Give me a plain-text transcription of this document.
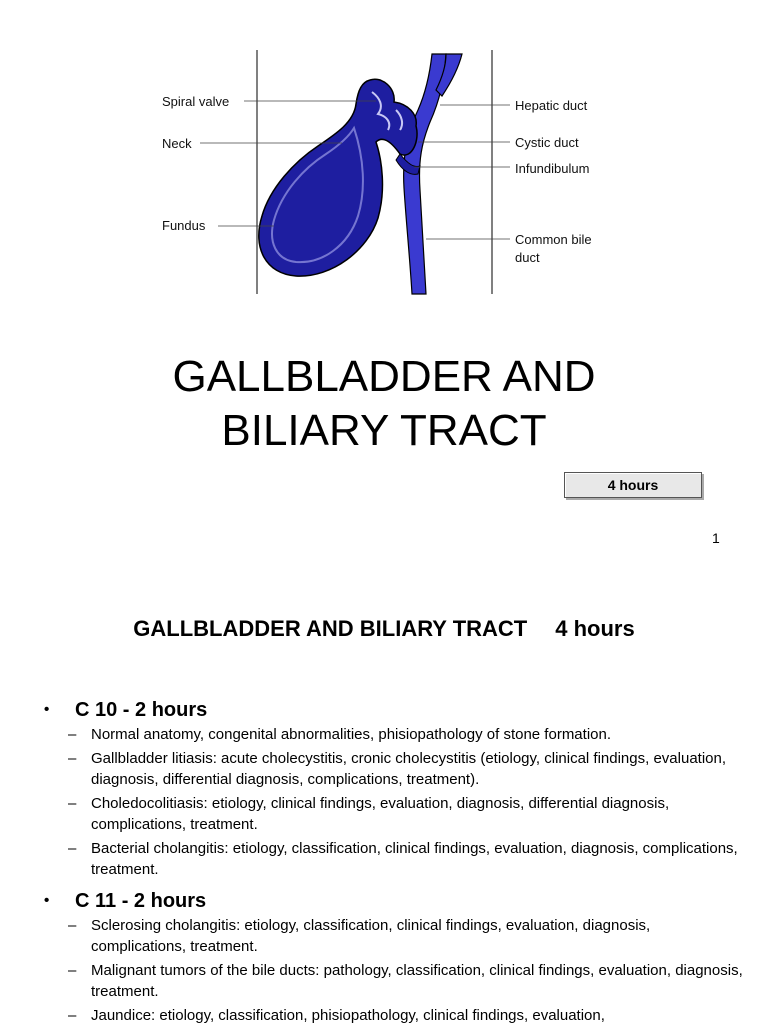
Spiral valve
Neck
Fundus
Hepatic duct
Cystic duct
Infundibulum
Common bile duct
GALLBLADDER AND
BILIARY TRACT
4 hours
1
GALLBLADDER AND BILIARY TRACT 4 hours
• C 10 - 2 hours
– Normal anatomy, congenital abnormalities, phisiopathology of stone formation.
– Gallbladder litiasis: acute cholecystitis, cronic cholecystitis (etiology, clinical findings, evaluation, diagnosis, differential diagnosis, complications, treatment).
– Choledocolitiasis: etiology, clinical findings, evaluation, diagnosis, differential diagnosis, complications, treatment.
– Bacterial cholangitis: etiology, classification, clinical findings, evaluation, diagnosis, complications, treatment.
• C 11 - 2 hours
– Sclerosing cholangitis: etiology, classification, clinical findings, evaluation, diagnosis, complications, treatment.
– Malignant tumors of the bile ducts: pathology, classification, clinical findings, evaluation, diagnosis, treatment.
– Jaundice: etiology, classification, phisiopathology, clinical findings, evaluation,
